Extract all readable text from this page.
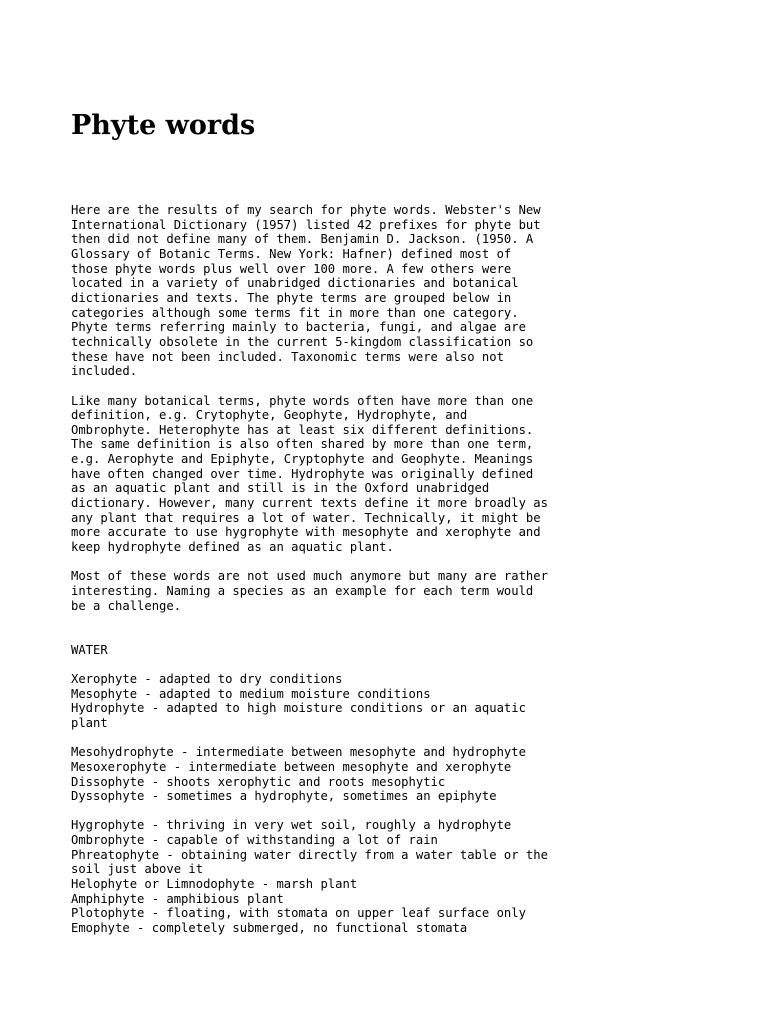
Phyte words

Here are the results of my search for phyte words. Webster's New
International Dictionary (1957) listed 42 prefixes for phyte but
then did not define many of them. Benjamin D. Jackson. (1950. A
Glossary of Botanic Terms. New York: Hafner) defined most of
those phyte words plus well over 100 more. A few others were
located in a variety of unabridged dictionaries and botanical
dictionaries and texts. The phyte terms are grouped below in
categories although some terms fit in more than one category.
Phyte terms referring mainly to bacteria, fungi, and algae are
technically obsolete in the current 5-kingdom classification so
these have not been included. Taxonomic terms were also not
included.

Like many botanical terms, phyte words often have more than one
definition, e.g. Crytophyte, Geophyte, Hydrophyte, and
Ombrophyte. Heterophyte has at least six different definitions.
The same definition is also often shared by more than one term,
e.g. Aerophyte and Epiphyte, Cryptophyte and Geophyte. Meanings
have often changed over time. Hydrophyte was originally defined
as an aquatic plant and still is in the Oxford unabridged
dictionary. However, many current texts define it more broadly as
any plant that requires a lot of water. Technically, it might be
more accurate to use hygrophyte with mesophyte and xerophyte and
keep hydrophyte defined as an aquatic plant.

Most of these words are not used much anymore but many are rather
interesting. Naming a species as an example for each term would
be a challenge.

WATER
Xerophyte - adapted to dry conditions
Mesophyte - adapted to medium moisture conditions
Hydrophyte - adapted to high moisture conditions or an aquatic
plant
Mesohydrophyte - intermediate between mesophyte and hydrophyte
Mesoxerophyte - intermediate between mesophyte and xerophyte
Dissophyte - shoots xerophytic and roots mesophytic
Dyssophyte - sometimes a hydrophyte, sometimes an epiphyte
Hygrophyte - thriving in very wet soil, roughly a hydrophyte
Ombrophyte - capable of withstanding a lot of rain
Phreatophyte - obtaining water directly from a water table or the
soil just above it
Helophyte or Limnodophyte - marsh plant
Amphiphyte - amphibious plant
Plotophyte - floating, with stomata on upper leaf surface only
Emophyte - completely submerged, no functional stomata
